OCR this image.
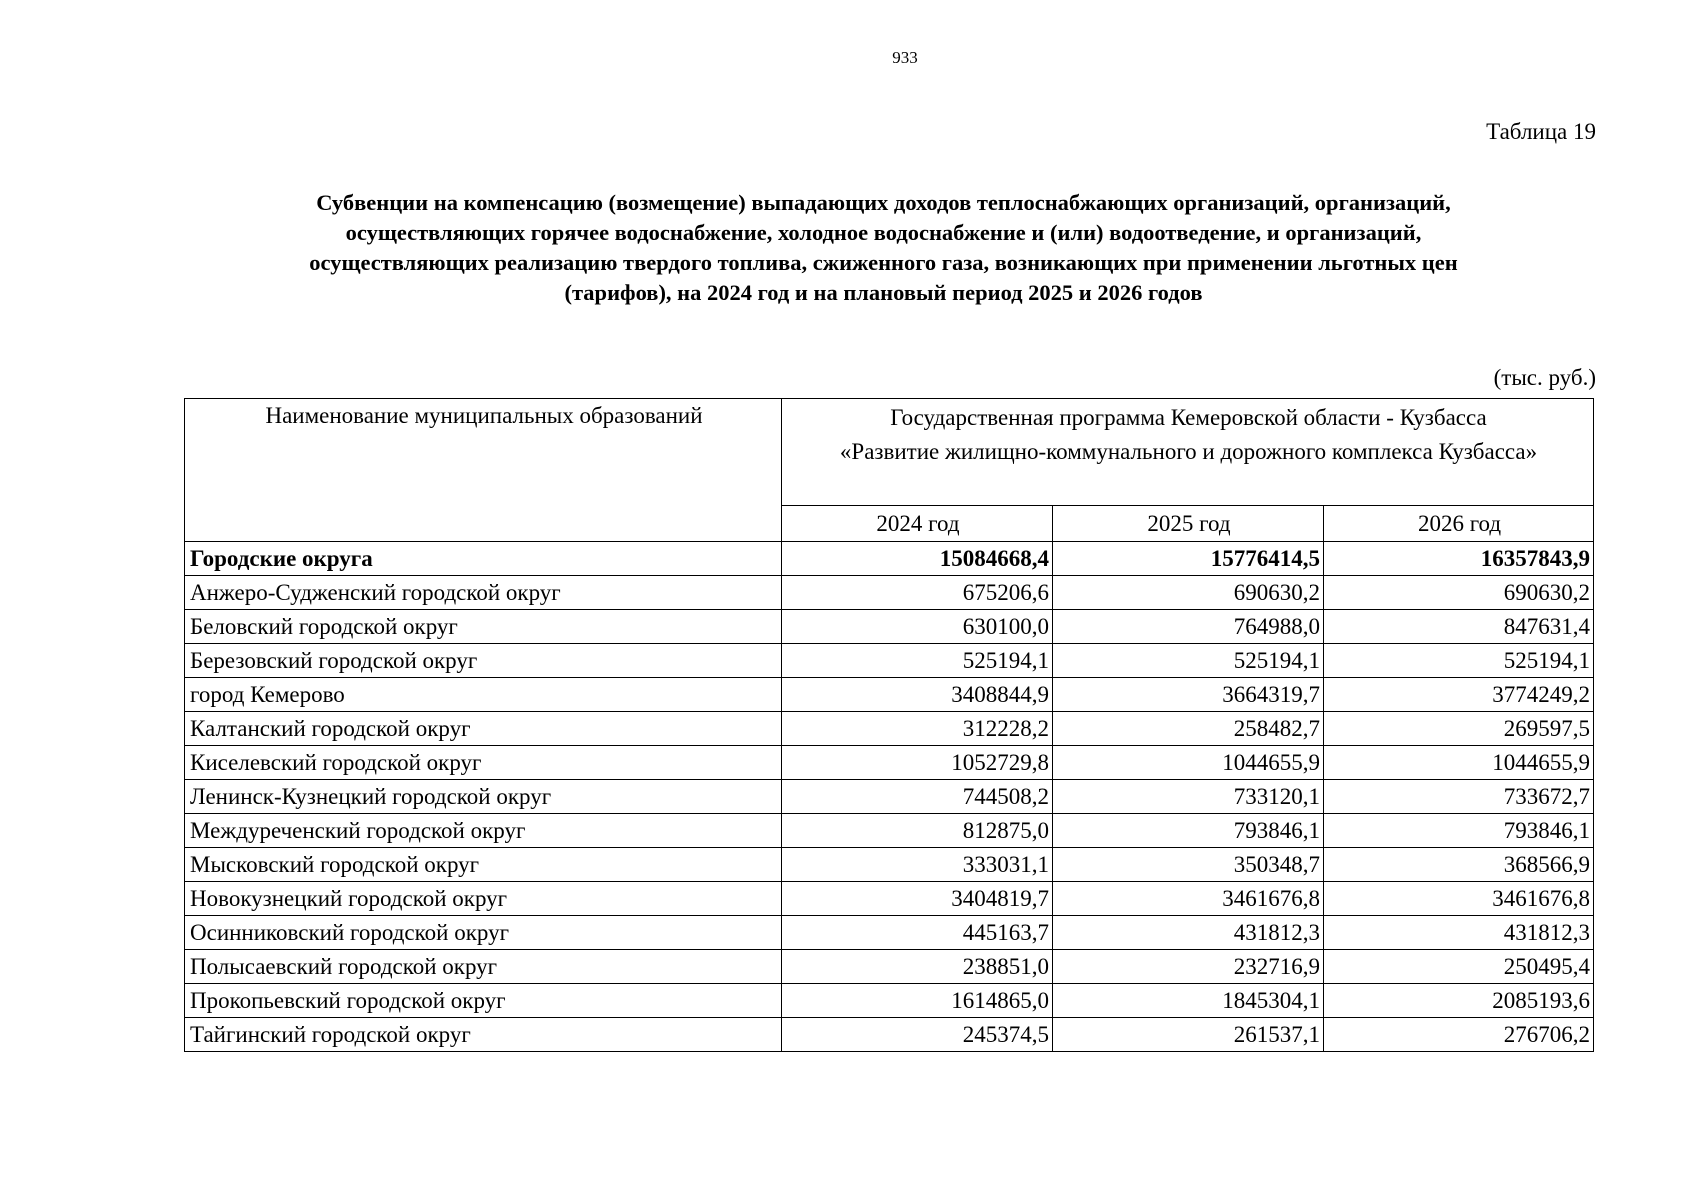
933
Таблица 19
Субвенции на компенсацию (возмещение) выпадающих доходов теплоснабжающих организаций, организаций,
осуществляющих горячее водоснабжение, холодное водоснабжение и (или) водоотведение, и организаций,
осуществляющих реализацию твердого топлива, сжиженного газа, возникающих при применении льготных цен
(тарифов), на 2024 год и на плановый период 2025 и 2026 годов
(тыс. руб.)
Наименование муниципальных образований	Государственная программа Кемеровской области - Кузбасса
«Развитие жилищно-коммунального и дорожного комплекса Кузбасса»		

	2024 год	2025 год	2026 год
Городские округа	15084668,4	15776414,5	16357843,9
Анжеро-Судженский городской округ	675206,6	690630,2	690630,2
Беловский городской округ	630100,0	764988,0	847631,4
Березовский городской округ	525194,1	525194,1	525194,1
город Кемерово	3408844,9	3664319,7	3774249,2
Калтанский городской округ	312228,2	258482,7	269597,5
Киселевский городской округ	1052729,8	1044655,9	1044655,9
Ленинск-Кузнецкий городской округ	744508,2	733120,1	733672,7
Междуреченский городской округ	812875,0	793846,1	793846,1
Мысковский городской округ	333031,1	350348,7	368566,9
Новокузнецкий городской округ	3404819,7	3461676,8	3461676,8
Осинниковский городской округ	445163,7	431812,3	431812,3
Полысаевский городской округ	238851,0	232716,9	250495,4
Прокопьевский городской округ	1614865,0	1845304,1	2085193,6
Тайгинский городской округ	245374,5	261537,1	276706,2
